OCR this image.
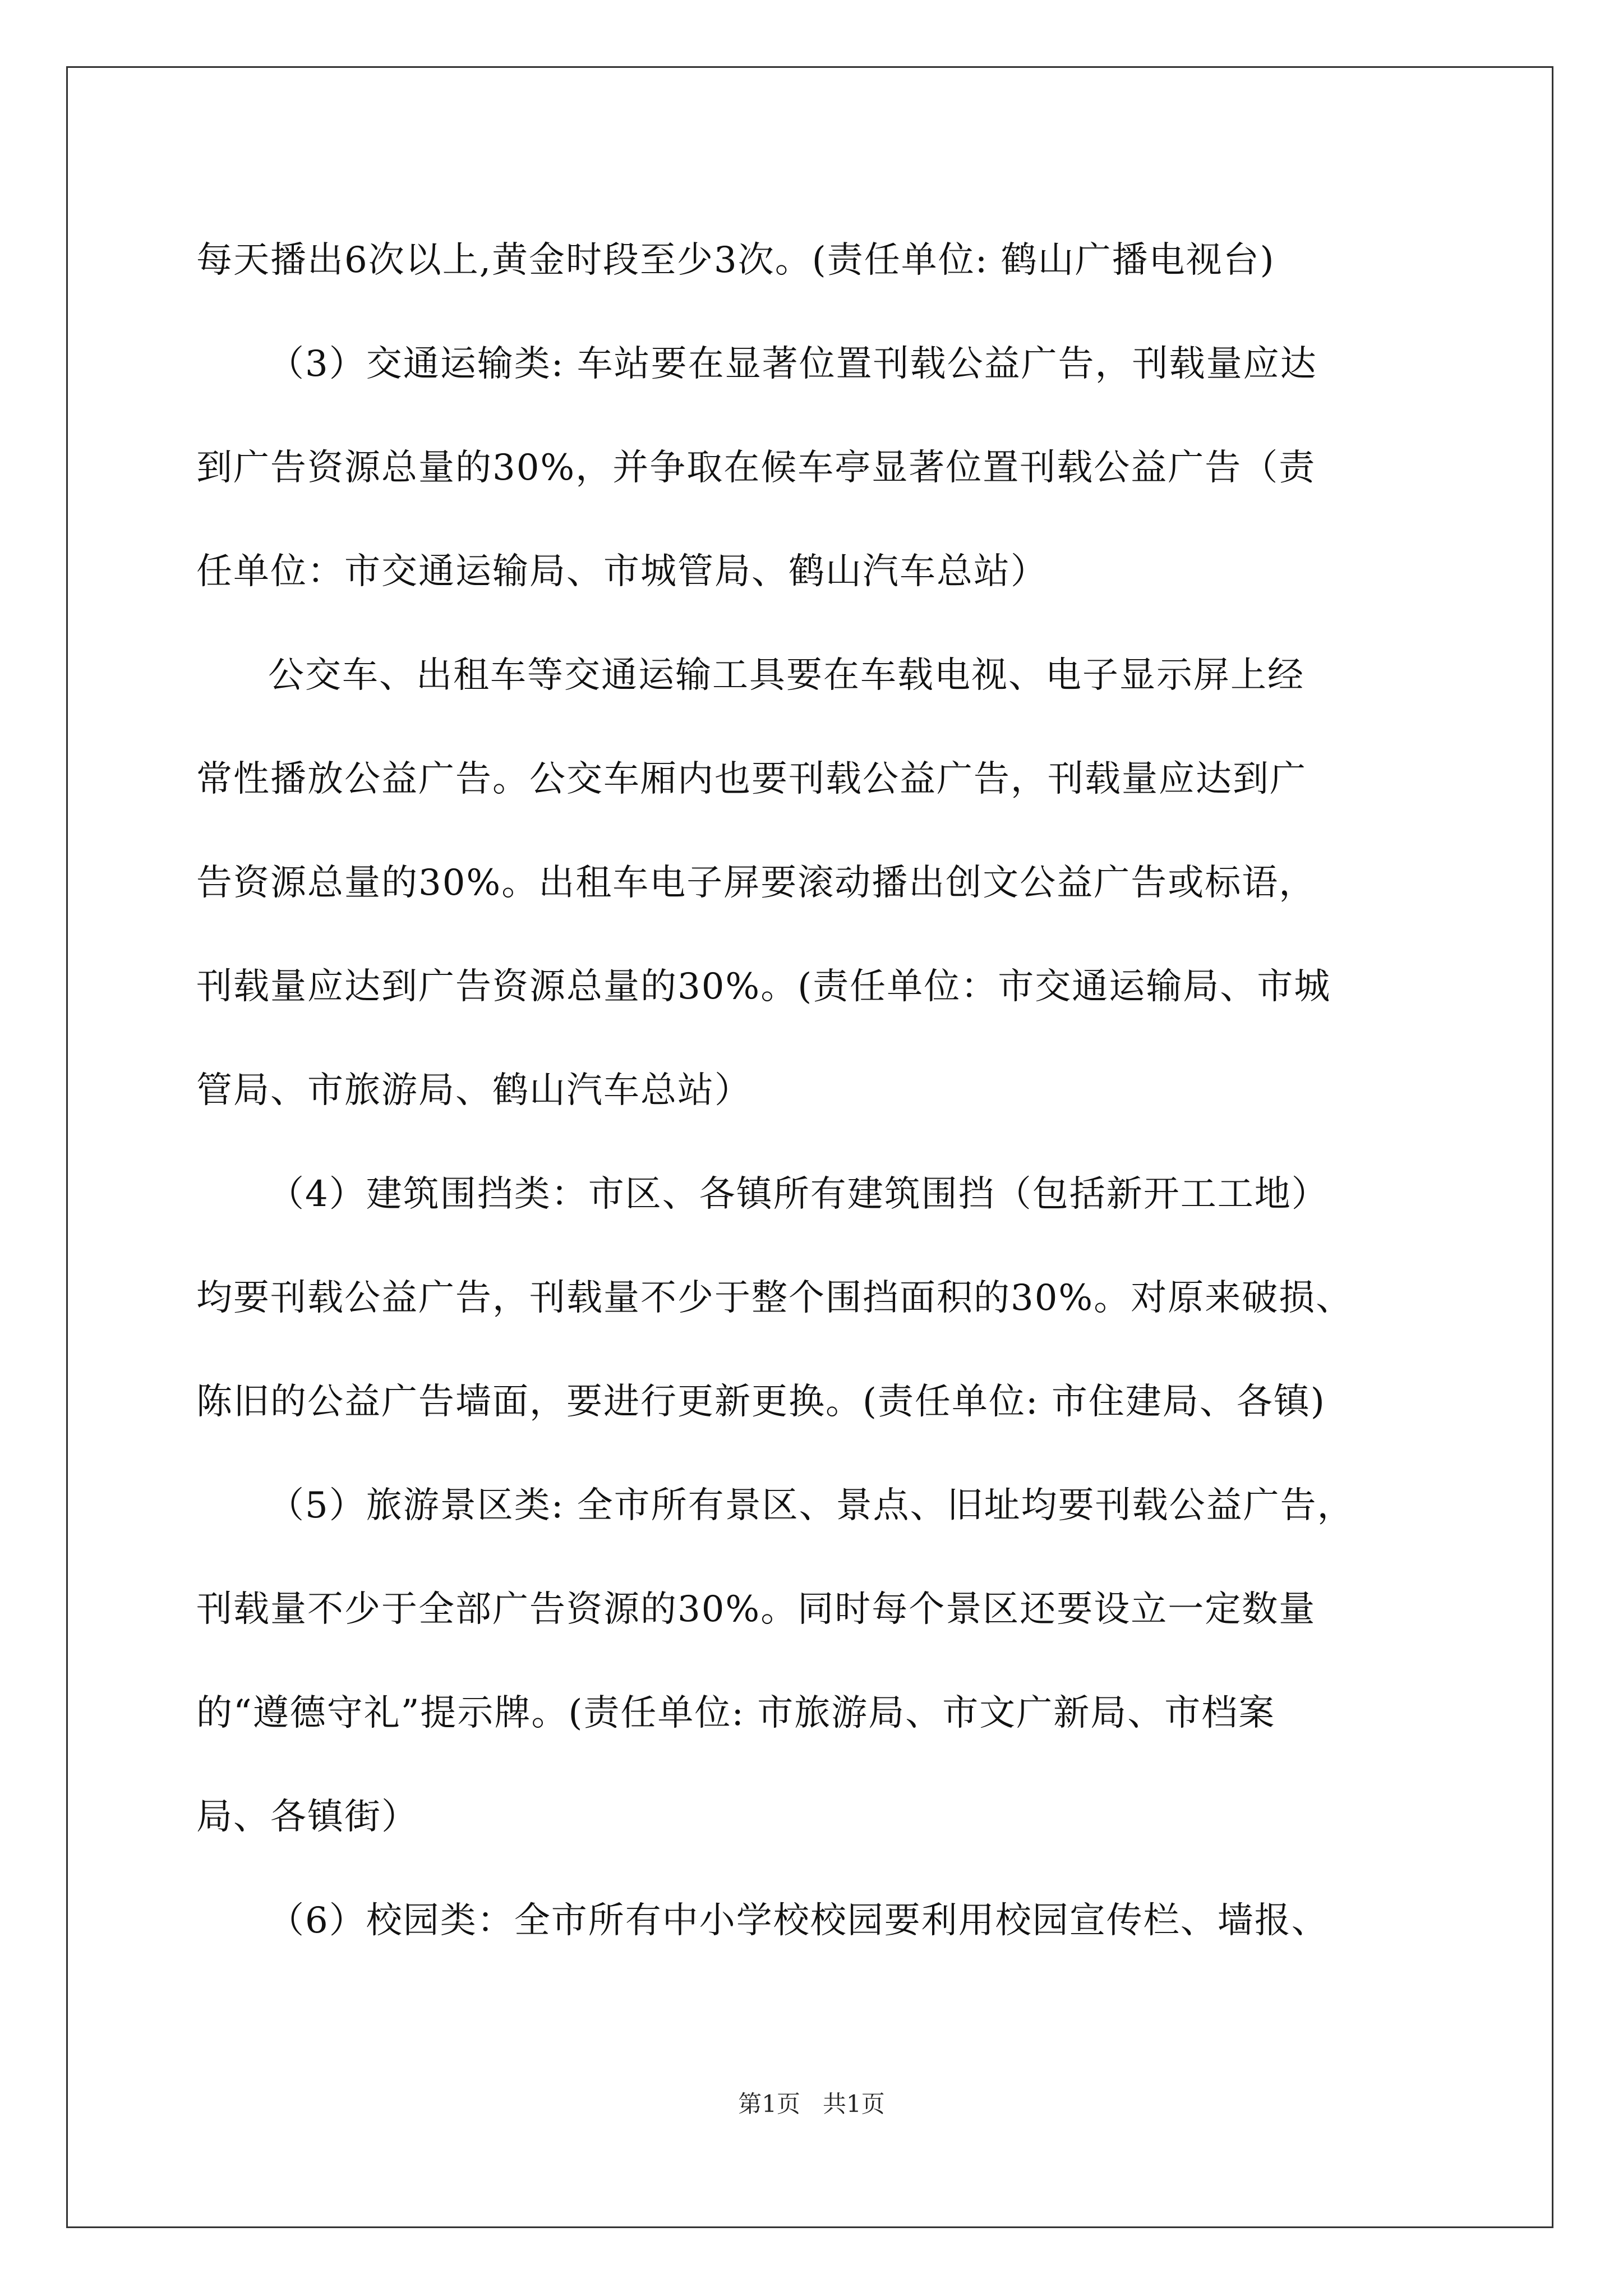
每天播出6次以上,黄金时段至少3次。(责任单位: 鹤山广播电视台)
（3）交通运输类: 车站要在显著位置刊载公益广告，刊载量应达
到广告资源总量的30%，并争取在候车亭显著位置刊载公益广告（责
任单位：市交通运输局、市城管局、鹤山汽车总站）
公交车、出租车等交通运输工具要在车载电视、电子显示屏上经
常性播放公益广告。公交车厢内也要刊载公益广告，刊载量应达到广
告资源总量的30%。出租车电子屏要滚动播出创文公益广告或标语，
刊载量应达到广告资源总量的30%。(责任单位：市交通运输局、市城
管局、市旅游局、鹤山汽车总站）
（4）建筑围挡类：市区、各镇所有建筑围挡（包括新开工工地）
均要刊载公益广告，刊载量不少于整个围挡面积的30%。对原来破损、
陈旧的公益广告墙面，要进行更新更换。(责任单位: 市住建局、各镇)
（5）旅游景区类: 全市所有景区、景点、旧址均要刊载公益广告，
刊载量不少于全部广告资源的30%。同时每个景区还要设立一定数量
的“遵德守礼”提示牌。(责任单位: 市旅游局、市文广新局、市档案
局、各镇街）
（6）校园类：全市所有中小学校校园要利用校园宣传栏、墙报、
第1页   共1页
